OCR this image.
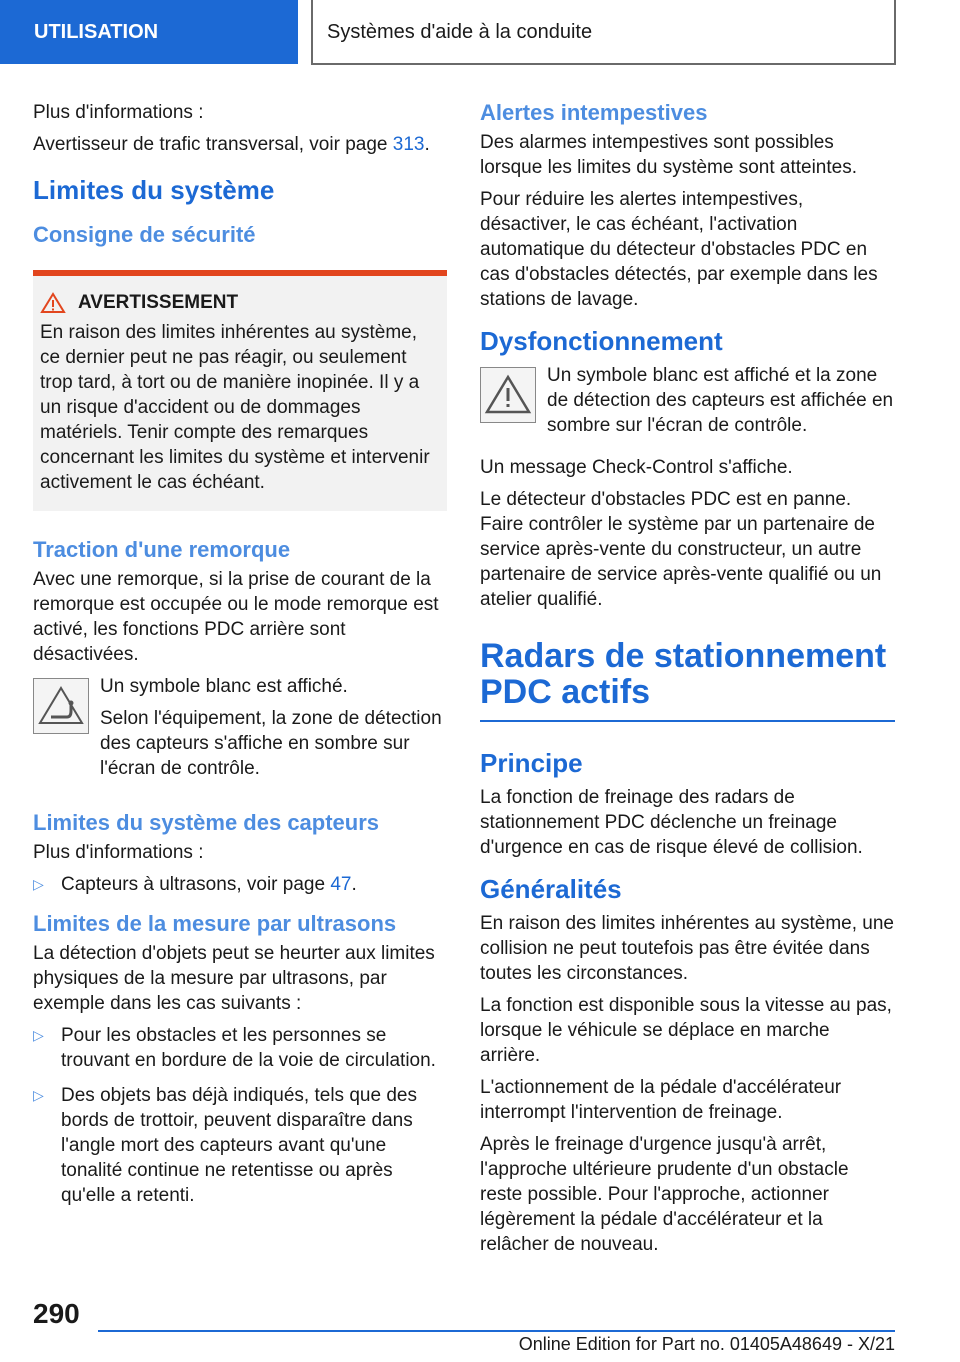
UTILISATION	Systèmes d'aide à la conduite

Plus d'informations :

Avertisseur de trafic transversal, voir page 313.

Limites du système
Consigne de sécurité
AVERTISSEMENT

En raison des limites inhérentes au système, ce dernier peut ne pas réagir, ou seulement trop tard, à tort ou de manière inopinée. Il y a un risque d'accident ou de dommages matériels. Tenir compte des remarques concernant les limites du système et intervenir activement le cas échéant.

Traction d'une remorque

Avec une remorque, si la prise de courant de la remorque est occupée ou le mode remorque est activé, les fonctions PDC arrière sont désactivées.

Un symbole blanc est affiché.

Selon l'équipement, la zone de détection des capteurs s'affiche en sombre sur l'écran de contrôle.

Limites du système des capteurs

Plus d'informations :

▷ Capteurs à ultrasons, voir page 47.
Limites de la mesure par ultrasons

La détection d'objets peut se heurter aux limites physiques de la mesure par ultrasons, par exemple dans les cas suivants :

▷ Pour les obstacles et les personnes se trouvant en bordure de la voie de circulation.
▷ Des objets bas déjà indiqués, tels que des bords de trottoir, peuvent disparaître dans l'angle mort des capteurs avant qu'une tonalité continue ne retentisse ou après qu'elle a retenti.
Alertes intempestives

Des alarmes intempestives sont possibles lorsque les limites du système sont atteintes.

Pour réduire les alertes intempestives, désactiver, le cas échéant, l'activation automatique du détecteur d'obstacles PDC en cas d'obstacles détectés, par exemple dans les stations de lavage.

Dysfonctionnement

Un symbole blanc est affiché et la zone de détection des capteurs est affichée en sombre sur l'écran de contrôle.

Un message Check-Control s'affiche.

Le détecteur d'obstacles PDC est en panne. Faire contrôler le système par un partenaire de service après-vente du constructeur, un autre partenaire de service après-vente qualifié ou un atelier qualifié.

Radars de stationnement PDC actifs
Principe

La fonction de freinage des radars de stationnement PDC déclenche un freinage d'urgence en cas de risque élevé de collision.

Généralités

En raison des limites inhérentes au système, une collision ne peut toutefois pas être évitée dans toutes les circonstances.

La fonction est disponible sous la vitesse au pas, lorsque le véhicule se déplace en marche arrière.

L'actionnement de la pédale d'accélérateur interrompt l'intervention de freinage.

Après le freinage d'urgence jusqu'à arrêt, l'approche ultérieure prudente d'un obstacle reste possible. Pour l'approche, actionner légèrement la pédale d'accélérateur et la relâcher de nouveau.

290
Online Edition for Part no. 01405A48649 - X/21
